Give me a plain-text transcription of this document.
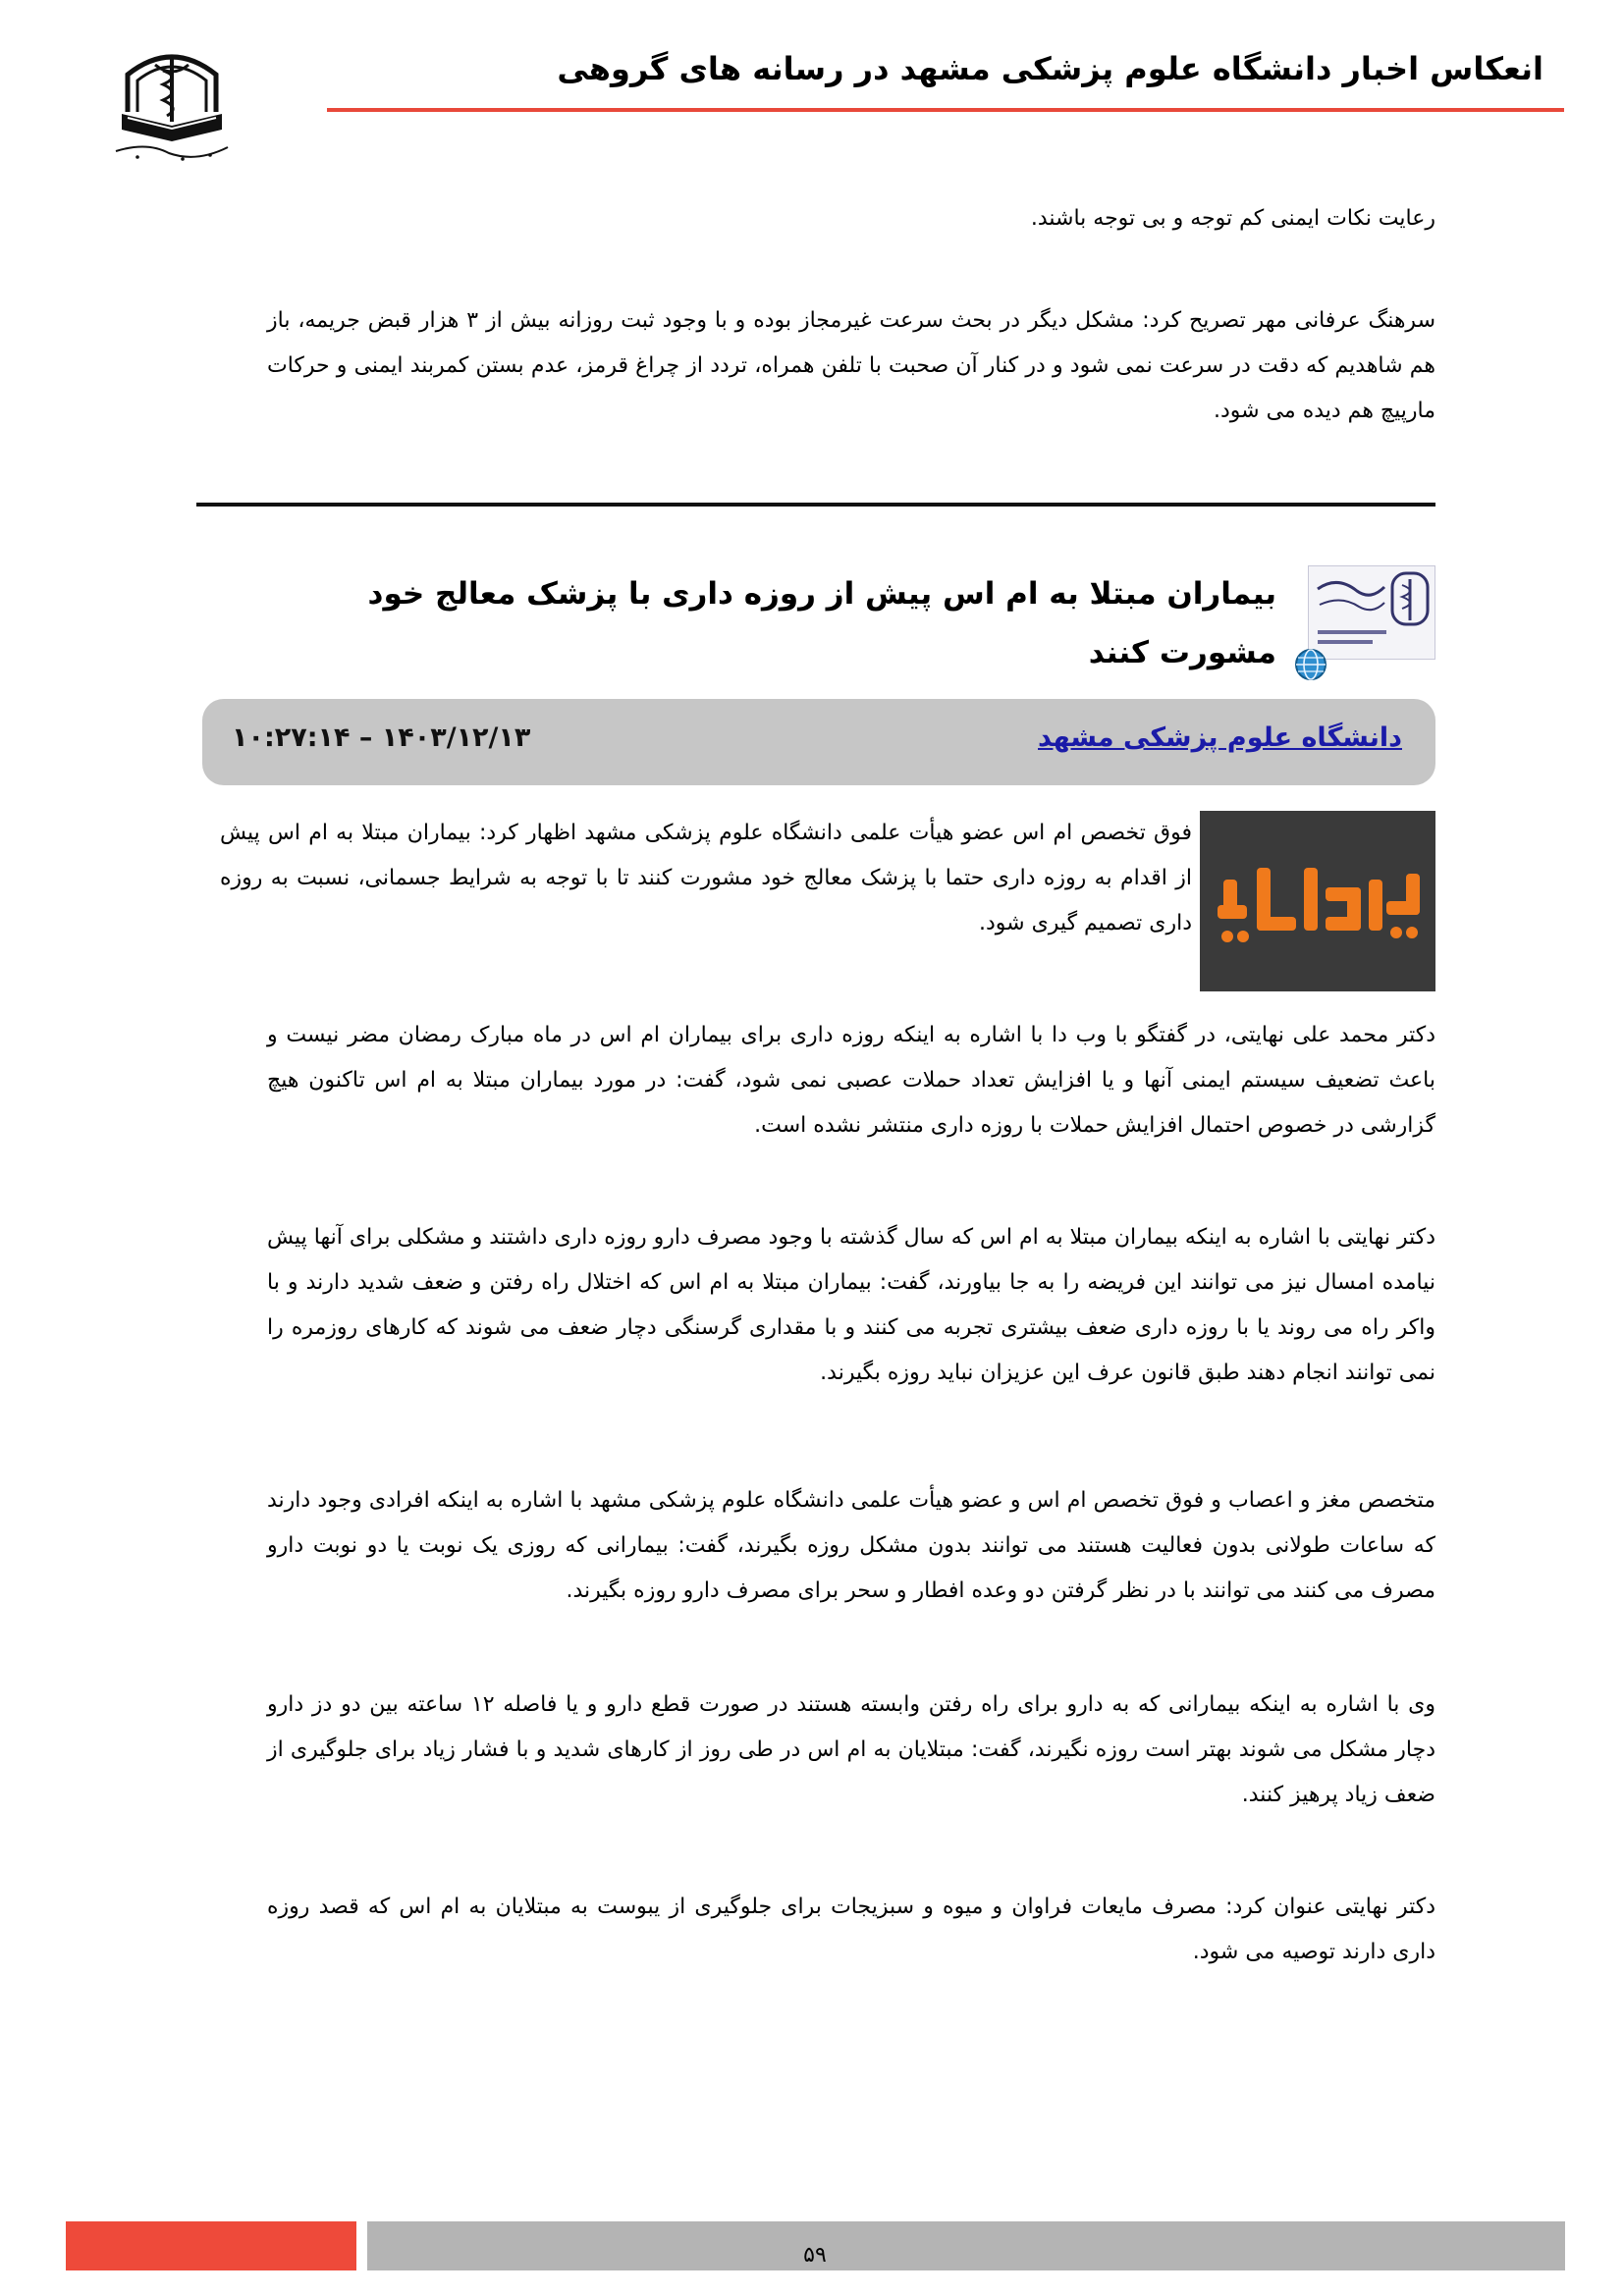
انعکاس اخبار دانشگاه علوم پزشکی مشهد در رسانه های گروهی

رعایت نکات ایمنی کم توجه و بی توجه باشند.

سرهنگ عرفانی مهر تصریح کرد: مشکل دیگر در بحث سرعت غیرمجاز بوده و با وجود ثبت روزانه بیش از ۳ هزار قبض جریمه، باز هم شاهدیم که دقت در سرعت نمی شود و در کنار آن صحبت با تلفن همراه، تردد از چراغ قرمز، عدم بستن کمربند ایمنی و حرکات مارپیچ هم دیده می شود.

بیماران مبتلا به ام اس پیش از روزه داری با پزشک معالج خود مشورت کنند
دانشگاه علوم پزشکی مشهد
۱۴۰۳/۱۲/۱۳ – ۱۰:۲۷:۱۴

فوق تخصص ام اس عضو هیأت علمی دانشگاه علوم پزشکی مشهد اظهار کرد: بیماران مبتلا به ام اس پیش از اقدام به روزه داری حتما با پزشک معالج خود مشورت کنند تا با توجه به شرایط جسمانی، نسبت به روزه داری تصمیم گیری شود.

دکتر محمد علی نهایتی، در گفتگو با وب دا با اشاره به اینکه روزه داری برای بیماران ام اس در ماه مبارک رمضان مضر نیست و باعث تضعیف سیستم ایمنی آنها و یا افزایش تعداد حملات عصبی نمی شود، گفت: در مورد بیماران مبتلا به ام اس تاکنون هیچ گزارشی در خصوص احتمال افزایش حملات با روزه داری منتشر نشده است.

دکتر نهایتی با اشاره به اینکه بیماران مبتلا به ام اس که سال گذشته با وجود مصرف دارو روزه داری داشتند و مشکلی برای آنها پیش نیامده امسال نیز می توانند این فریضه را به جا بیاورند، گفت: بیماران مبتلا به ام اس که اختلال راه رفتن و ضعف شدید دارند و با واکر راه می روند یا با روزه داری ضعف بیشتری تجربه می کنند و با مقداری گرسنگی دچار ضعف می شوند که کارهای روزمره را نمی توانند انجام دهند طبق قانون عرف این عزیزان نباید روزه بگیرند.

متخصص مغز و اعصاب و فوق تخصص ام اس و عضو هیأت علمی دانشگاه علوم پزشکی مشهد با اشاره به اینکه افرادی وجود دارند که ساعات طولانی بدون فعالیت هستند می توانند بدون مشکل روزه بگیرند، گفت: بیمارانی که روزی یک نوبت یا دو نوبت دارو مصرف می کنند می توانند با در نظر گرفتن دو وعده افطار و سحر برای مصرف دارو روزه بگیرند.

وی با اشاره به اینکه بیمارانی که به دارو برای راه رفتن وابسته هستند در صورت قطع دارو و یا فاصله ۱۲ ساعته بین دو دز دارو دچار مشکل می شوند بهتر است روزه نگیرند، گفت: مبتلایان به ام اس در طی روز از کارهای شدید و با فشار زیاد برای جلوگیری از ضعف زیاد پرهیز کنند.

دکتر نهایتی عنوان کرد: مصرف مایعات فراوان و میوه و سبزیجات برای جلوگیری از یبوست به مبتلایان به ام اس که قصد روزه داری دارند توصیه می شود.

۵۹
